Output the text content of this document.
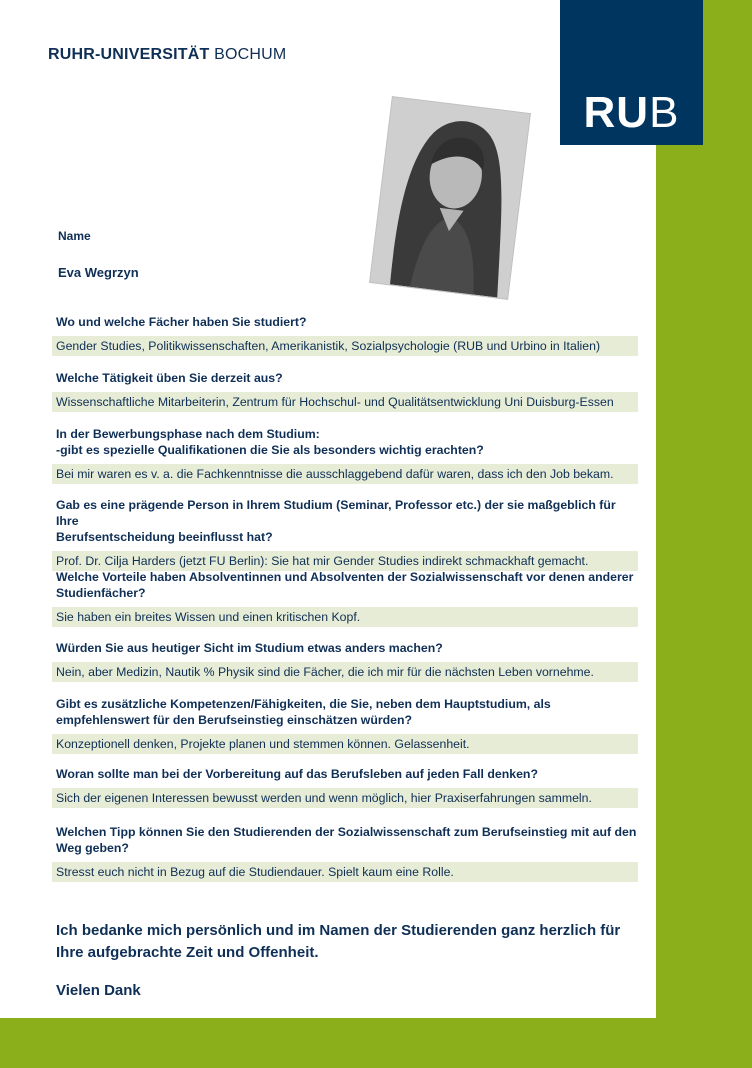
RUB
RUHR-UNIVERSITÄT BOCHUM
Name
Eva Wegrzyn
Wo und welche Fächer haben Sie studiert?
Gender Studies, Politikwissenschaften, Amerikanistik, Sozialpsychologie (RUB und Urbino in Italien)
Welche Tätigkeit üben Sie derzeit aus?
Wissenschaftliche Mitarbeiterin, Zentrum für Hochschul- und Qualitätsentwicklung Uni Duisburg-Essen
In der Bewerbungsphase nach dem Studium:
-gibt es spezielle Qualifikationen die Sie als besonders wichtig erachten?
Bei mir waren es v. a. die Fachkenntnisse die ausschlaggebend dafür waren, dass ich den Job bekam.
Gab es eine prägende Person in Ihrem Studium (Seminar, Professor etc.) der sie maßgeblich für Ihre
Berufsentscheidung beeinflusst hat?
Prof. Dr. Cilja Harders (jetzt FU Berlin): Sie hat mir Gender Studies indirekt schmackhaft gemacht.
Welche Vorteile haben Absolventinnen und Absolventen der Sozialwissenschaft vor denen anderer
Studienfächer?
Sie haben ein breites Wissen und einen kritischen Kopf.
Würden Sie aus heutiger Sicht im Studium etwas anders machen?
Nein, aber Medizin, Nautik % Physik sind die Fächer, die ich mir für die nächsten Leben vornehme.
Gibt es zusätzliche Kompetenzen/Fähigkeiten, die Sie, neben dem Hauptstudium, als
empfehlenswert für den Berufseinstieg einschätzen würden?
Konzeptionell denken, Projekte planen und stemmen können. Gelassenheit.
Woran sollte man bei der Vorbereitung auf das Berufsleben auf jeden Fall denken?
Sich der eigenen Interessen bewusst werden und wenn möglich, hier Praxiserfahrungen sammeln.
Welchen Tipp können Sie den Studierenden der Sozialwissenschaft zum Berufseinstieg mit auf den
Weg geben?
Stresst euch nicht in Bezug auf die Studiendauer. Spielt kaum eine Rolle.
Ich bedanke mich persönlich und im Namen der Studierenden ganz herzlich für
Ihre aufgebrachte Zeit und Offenheit.
Vielen Dank
